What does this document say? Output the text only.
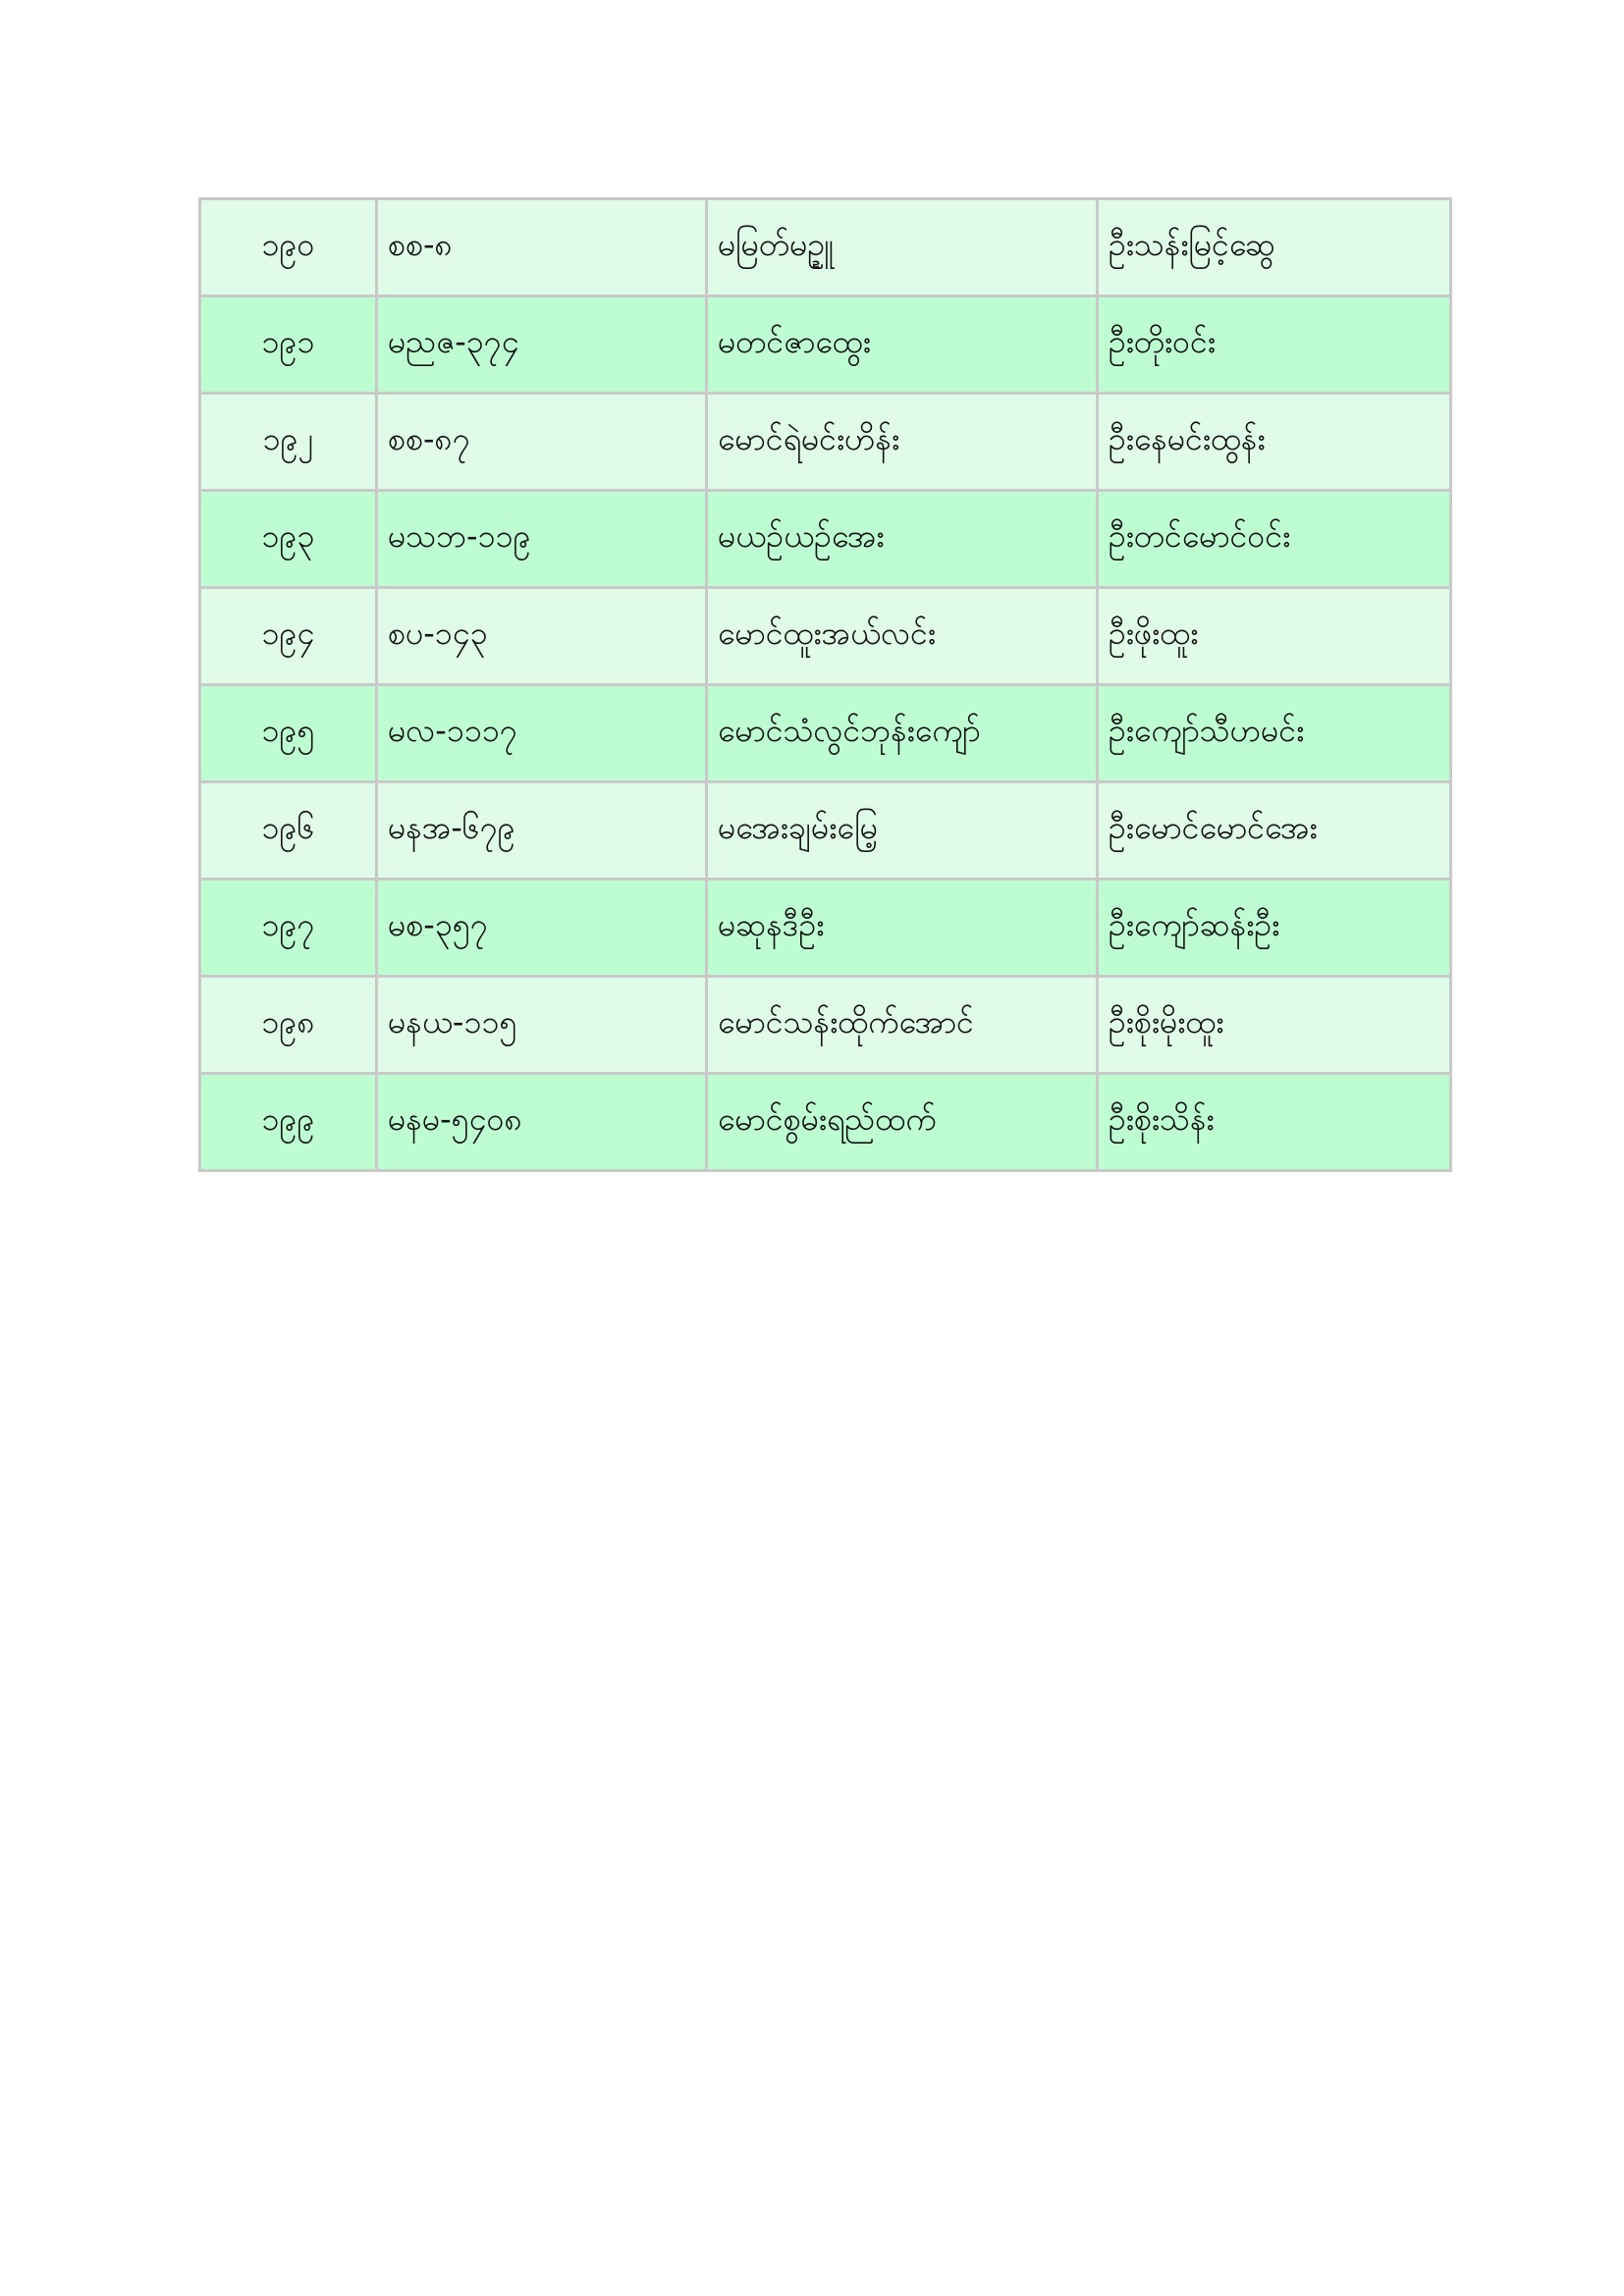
၁၉၀	စစ-၈	မမြတ်မဥ္ဍူ	ဦးသန်းမြင့်ဆွေ
၁၉၁	မညဇ-၃၇၄	မတင်ဇာထွေး	ဦးတိုးဝင်း
၁၉၂	စစ-၈၇	မောင်ရဲမင်းဟိန်း	ဦးနေမင်းထွန်း
၁၉၃	မသဘ-၁၁၉	မယဉ်ယဉ်အေး	ဦးတင်မောင်ဝင်း
၁၉၄	စပ-၁၄၃	မောင်ထူးအယ်လင်း	ဦးဖိုးထူး
၁၉၅	မလ-၁၁၁၇	မောင်သံလွင်ဘုန်းကျော်	ဦးကျော်သီဟမင်း
၁၉၆	မနအ-၆၇၉	မအေးချမ်းမြေ့	ဦးမောင်မောင်အေး
၁၉၇	မစ-၃၅၇	မဆုနဒီဦး	ဦးကျော်ဆန်းဦး
၁၉၈	မနယ-၁၁၅	မောင်သန်းထိုက်အောင်	ဦးစိုးမိုးထူး
၁၉၉	မနမ-၅၄၀၈	မောင်စွမ်းရည်ထက်	ဦးစိုးသိန်း
